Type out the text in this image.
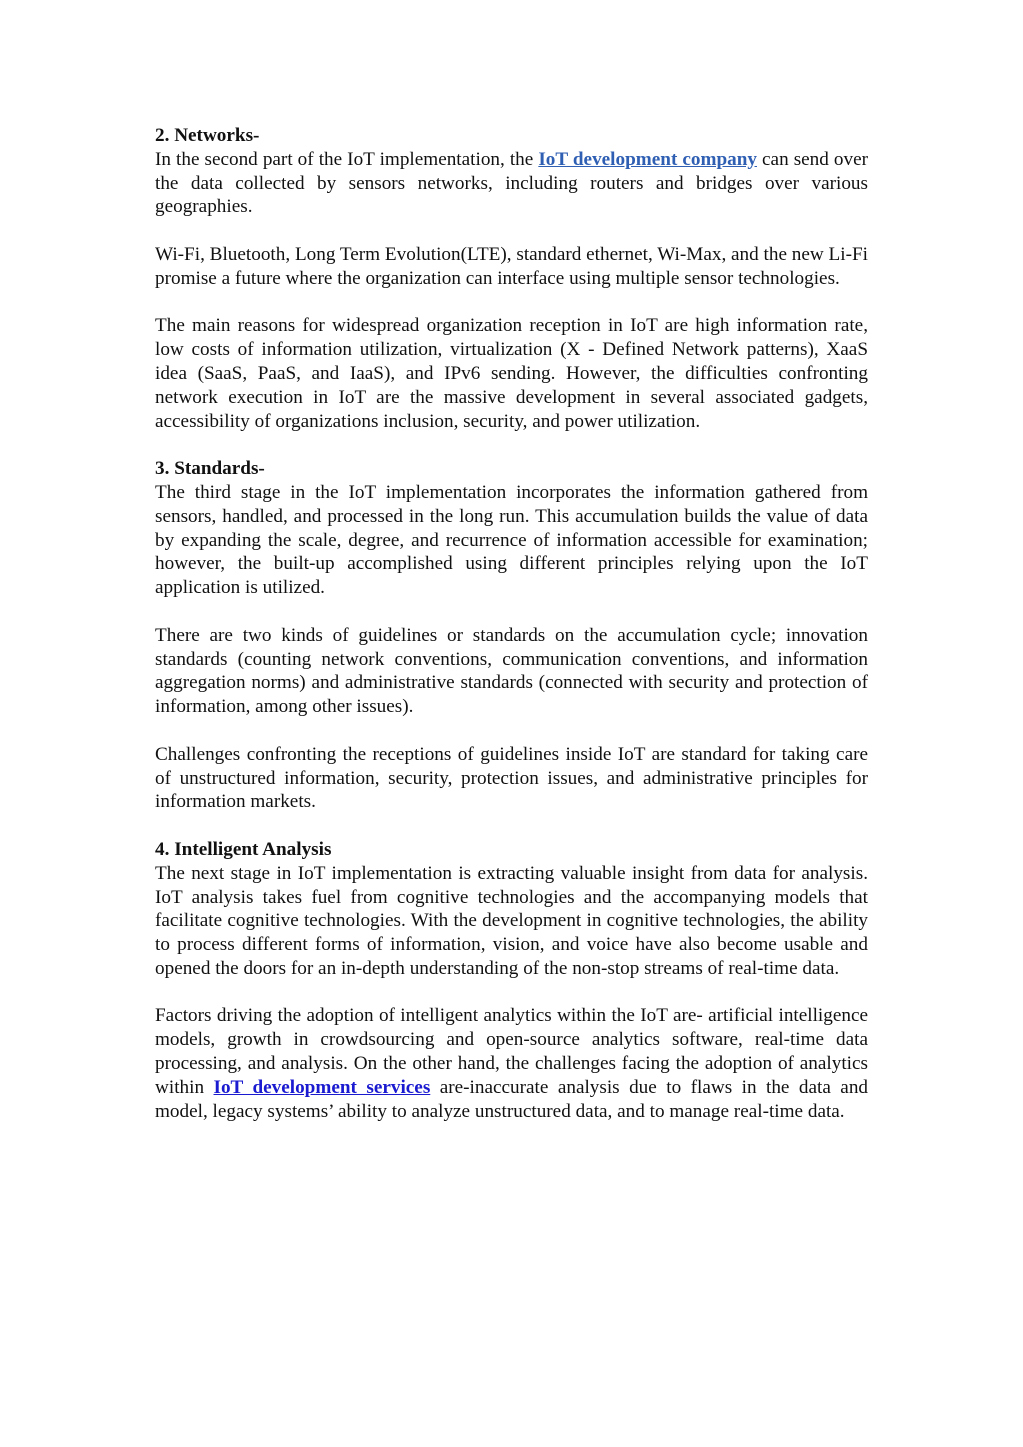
2. Networks-

In the second part of the IoT implementation, the IoT development company can send over the data collected by sensors networks, including routers and bridges over various geographies.

Wi-Fi, Bluetooth, Long Term Evolution(LTE), standard ethernet, Wi-Max, and the new Li-Fi promise a future where the organization can interface using multiple sensor technologies.

The main reasons for widespread organization reception in IoT are high information rate, low costs of information utilization, virtualization (X - Defined Network patterns), XaaS idea (SaaS, PaaS, and IaaS), and IPv6 sending. However, the difficulties confronting network execution in IoT are the massive development in several associated gadgets, accessibility of organizations inclusion, security, and power utilization.

3. Standards-

The third stage in the IoT implementation incorporates the information gathered from sensors, handled, and processed in the long run. This accumulation builds the value of data by expanding the scale, degree, and recurrence of information accessible for examination; however, the built-up accomplished using different principles relying upon the IoT application is utilized.

There are two kinds of guidelines or standards on the accumulation cycle; innovation standards (counting network conventions, communication conventions, and information aggregation norms) and administrative standards (connected with security and protection of information, among other issues).

Challenges confronting the receptions of guidelines inside IoT are standard for taking care of unstructured information, security, protection issues, and administrative principles for information markets.

4. Intelligent Analysis

The next stage in IoT implementation is extracting valuable insight from data for analysis. IoT analysis takes fuel from cognitive technologies and the accompanying models that facilitate cognitive technologies. With the development in cognitive technologies, the ability to process different forms of information, vision, and voice have also become usable and opened the doors for an in-depth understanding of the non-stop streams of real-time data.

Factors driving the adoption of intelligent analytics within the IoT are- artificial intelligence models, growth in crowdsourcing and open-source analytics software, real-time data processing, and analysis. On the other hand, the challenges facing the adoption of analytics within IoT development services are-inaccurate analysis due to flaws in the data and model, legacy systems’ ability to analyze unstructured data, and to manage real-time data.
